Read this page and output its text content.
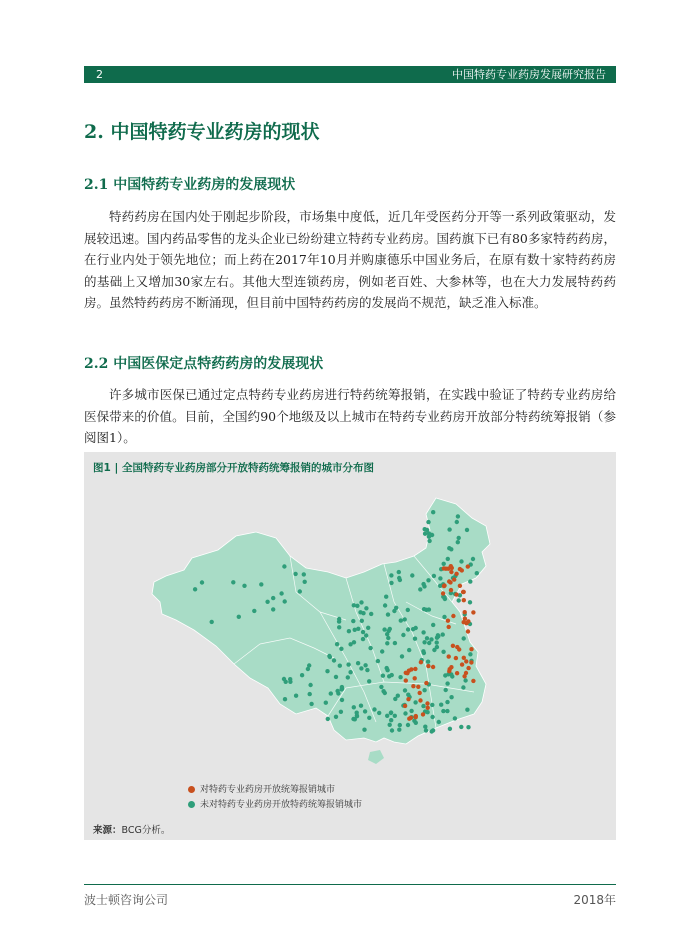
2	中国特药专业药房发展研究报告
2. 中国特药专业药房的现状
2.1 中国特药专业药房的发展现状
特药药房在国内处于刚起步阶段，市场集中度低，近几年受医药分开等一系列政策驱动，发展较迅速。国内药品零售的龙头企业已纷纷建立特药专业药房。国药旗下已有80多家特药药房，在行业内处于领先地位；而上药在2017年10月并购康德乐中国业务后，在原有数十家特药药房的基础上又增加30家左右。其他大型连锁药房，例如老百姓、大参林等，也在大力发展特药药房。虽然特药药房不断涌现，但目前中国特药药房的发展尚不规范，缺乏准入标准。
2.2 中国医保定点特药药房的发展现状
许多城市医保已通过定点特药专业药房进行特药统筹报销，在实践中验证了特药专业药房给医保带来的价值。目前，全国约90个地级及以上城市在特药专业药房开放部分特药统筹报销（参阅图1）。
图1 | 全国特药专业药房部分开放特药统筹报销的城市分布图
对特药专业药房开放统筹报销城市
未对特药专业药房开放特药统筹报销城市
来源：BCG分析。
波士顿咨询公司	2018年
